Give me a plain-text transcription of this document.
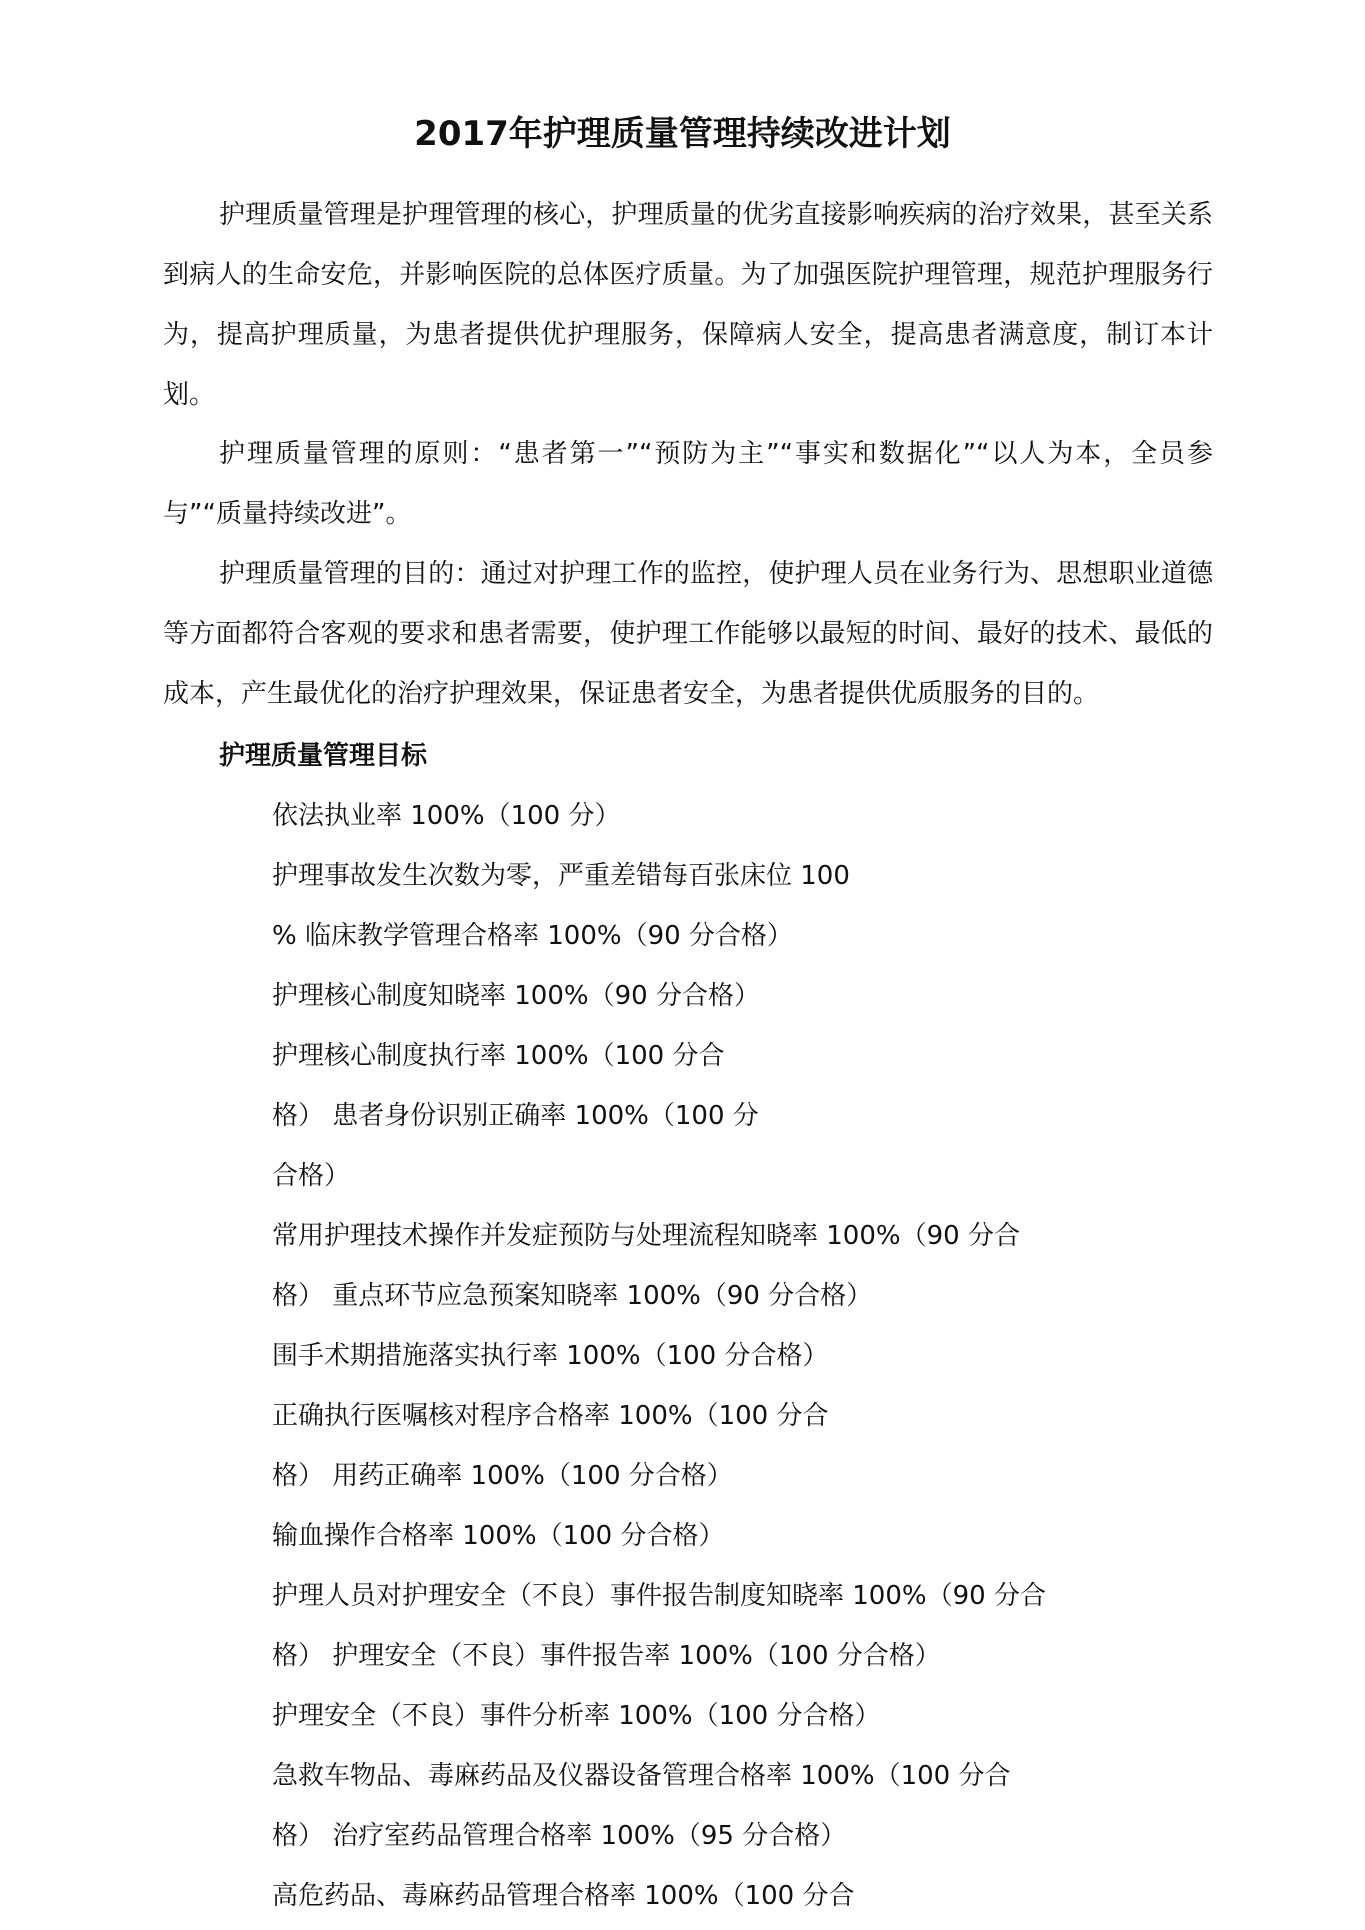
2017年护理质量管理持续改进计划

护理质量管理是护理管理的核心，护理质量的优劣直接影响疾病的治疗效果，甚至关系到病人的生命安危，并影响医院的总体医疗质量。为了加强医院护理管理，规范护理服务行为，提高护理质量，为患者提供优护理服务，保障病人安全，提高患者满意度，制订本计划。

护理质量管理的原则：“患者第一”“预防为主”“事实和数据化”“以人为本，全员参与”“质量持续改进”。

护理质量管理的目的：通过对护理工作的监控，使护理人员在业务行为、思想职业道德等方面都符合客观的要求和患者需要，使护理工作能够以最短的时间、最好的技术、最低的成本，产生最优化的治疗护理效果，保证患者安全，为患者提供优质服务的目的。

护理质量管理目标
依法执业率 100%（100 分）
护理事故发生次数为零，严重差错每百张床位 100
% 临床教学管理合格率 100%（90 分合格）
护理核心制度知晓率 100%（90 分合格）
护理核心制度执行率 100%（100 分合
格） 患者身份识别正确率 100%（100 分
合格）
常用护理技术操作并发症预防与处理流程知晓率 100%（90 分合
格） 重点环节应急预案知晓率 100%（90 分合格）
围手术期措施落实执行率 100%（100 分合格）
正确执行医嘱核对程序合格率 100%（100 分合
格） 用药正确率 100%（100 分合格）
输血操作合格率 100%（100 分合格）
护理人员对护理安全（不良）事件报告制度知晓率 100%（90 分合
格） 护理安全（不良）事件报告率 100%（100 分合格）
护理安全（不良）事件分析率 100%（100 分合格）
急救车物品、毒麻药品及仪器设备管理合格率 100%（100 分合
格） 治疗室药品管理合格率 100%（95 分合格）
高危药品、毒麻药品管理合格率 100%（100 分合
